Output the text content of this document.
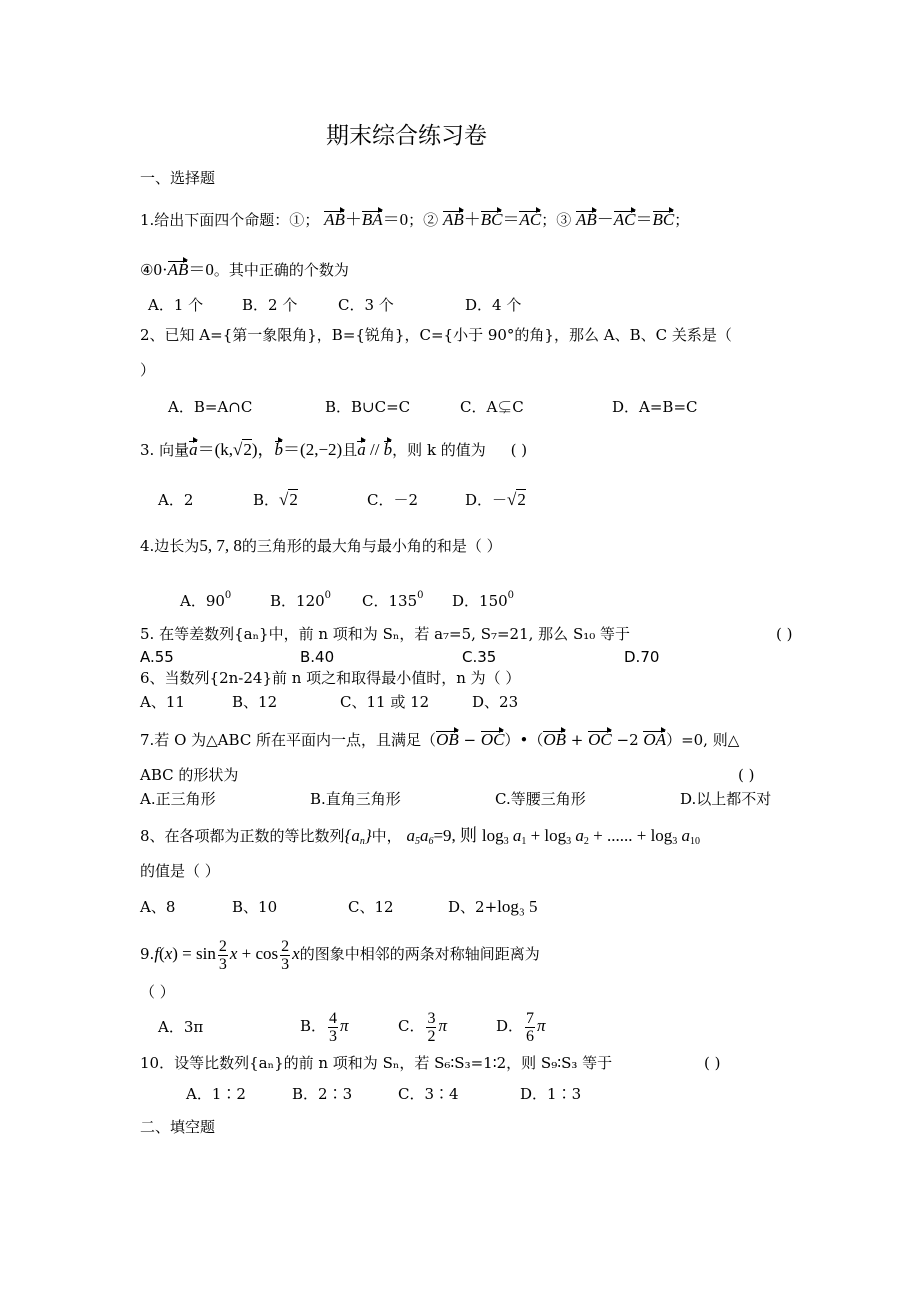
期末综合练习卷
一、选择题
1.给出下面四个命题：①； AB＋BA＝0；② AB＋BC＝AC；③ AB－AC＝BC；
④0·AB＝0。其中正确的个数为
A．1 个	B．2 个	C．3 个	D．4 个
2、已知 A={第一象限角}，B={锐角}，C={小于 90°的角}，那么 A、B、C 关系是（
）
A．B=A∩C	B．B∪C=C	C．A⊊C	D．A=B=C
3. 向量a＝(k,√2)，b＝(2,−2)且a // b，则 k 的值为 ( )
A．2	B．√2	C．－2	D．－√2
4.边长为5, 7, 8的三角形的最大角与最小角的和是（ ）
A．$90^0$	B．$120^0$ C．$135^0$ D．$150^0$
5. 在等差数列{aₙ}中，前 n 项和为 Sₙ，若 a₇=5, S₇=21, 那么 S₁₀ 等于	( )
A.55	B.40	C.35	D.70
6、当数列{2n-24}前 n 项之和取得最小值时，n 为（ ）
A、11	B、12	C、11 或 12	D、23
7.若 O 为△ABC 所在平面内一点，且满足（OB − OC）•（OB + OC −2 OA）=0, 则△
ABC 的形状为	( )
A.正三角形	B.直角三角形	C.等腰三角形	D.以上都不对
8、在各项都为正数的等比数列$\{a_n\}$中， $a_5a_6=9$, 则 $\log_3 a_1 + \log_3 a_2$ + ...... + $\log_3 a_{10}$
的值是（ ）
A、8	B、10	C、12	D、2+log₃ 5
$9.f(x) = \sin \frac{2}{3}$ $x + \cos \frac{2}{3}$ x的图象中相邻的两条对称轴间距离为
（ ）
A．3π	B． $\frac{4}{3}$ π	C． $\frac{3}{2}$ π	D． $\frac{7}{6}$ π
10．设等比数列{aₙ}的前 n 项和为 Sₙ，若 S₆∶S₃=1∶2，则 S₉∶S₃ 等于	( )
A．1∶2	B．2∶3	C．3∶4	D．1∶3
二、填空题
